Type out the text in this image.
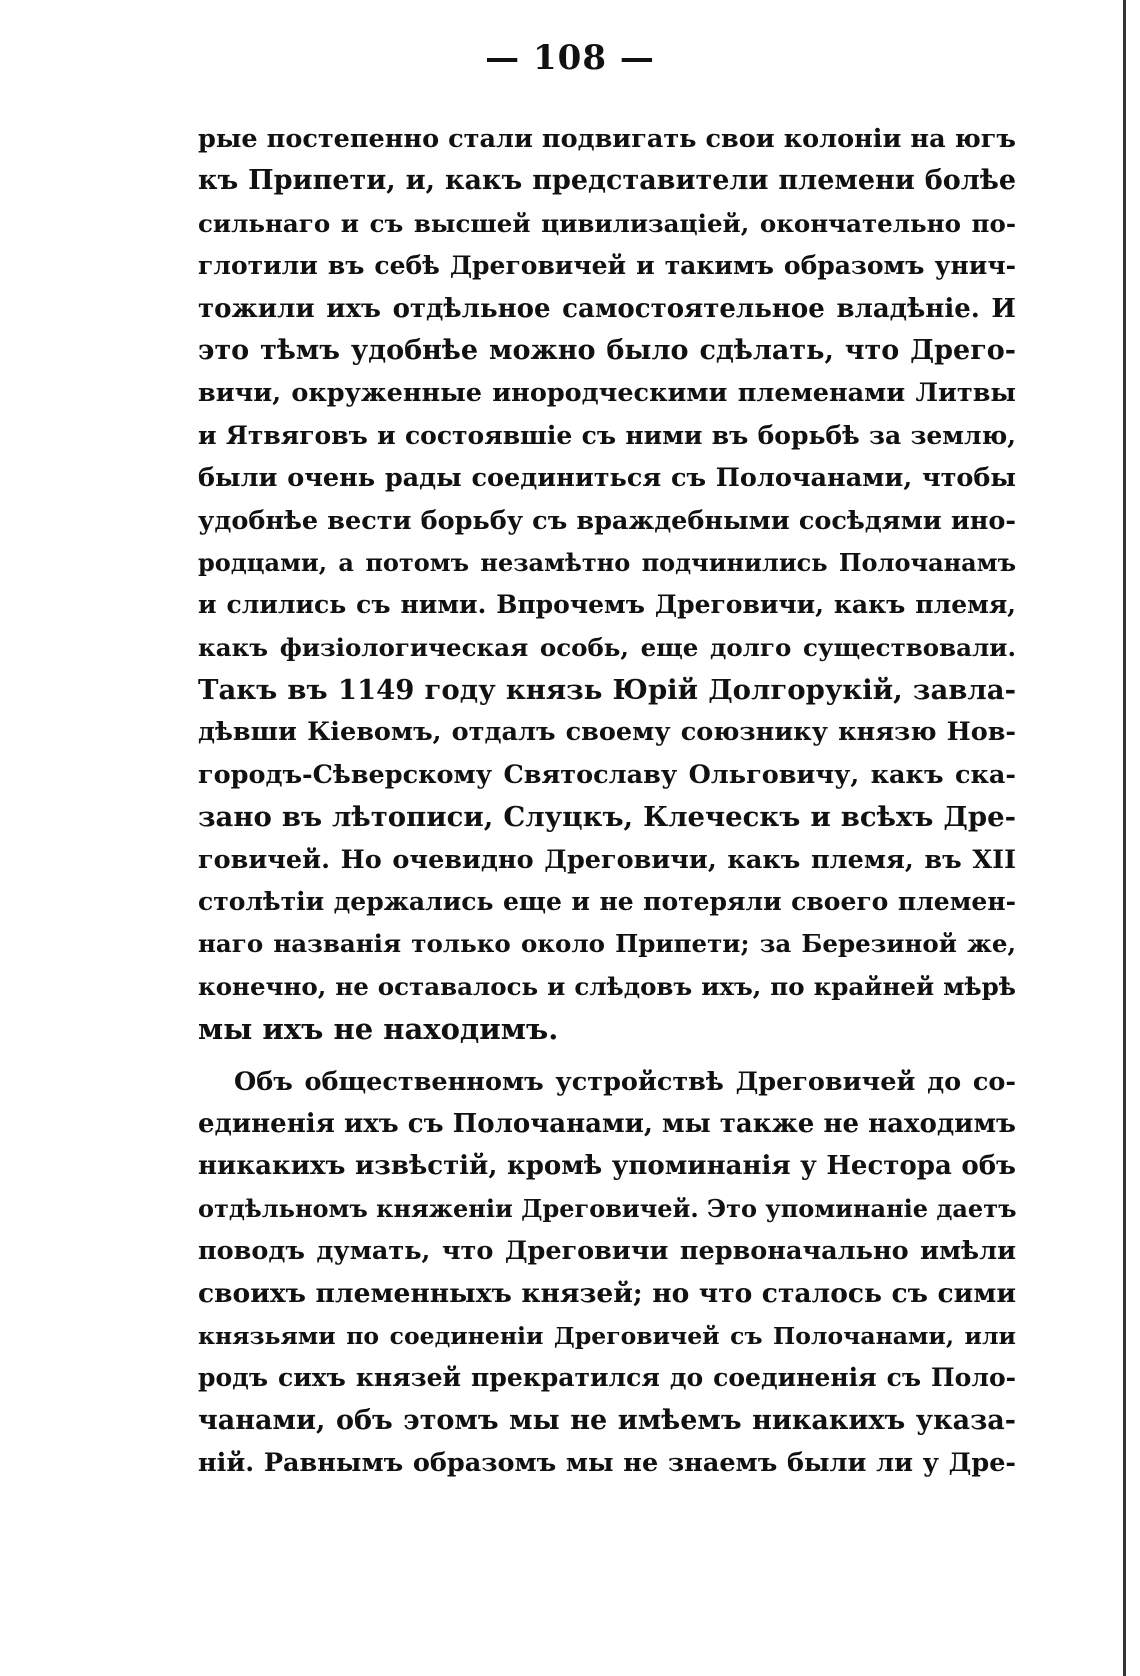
— 108 —
рые постепенно стали подвигать свои колоніи на югъ
къ Припети, и, какъ представители племени болѣе
сильнаго и съ высшей цивилизаціей, окончательно по-
глотили въ себѣ Дреговичей и такимъ образомъ унич-
тожили ихъ отдѣльное самостоятельное владѣніе. И
это тѣмъ удобнѣе можно было сдѣлать, что Дрего-
вичи, окруженные инородческими племенами Литвы
и Ятвяговъ и состоявшіе съ ними въ борьбѣ за землю,
были очень рады соединиться съ Полочанами, чтобы
удобнѣе вести борьбу съ враждебными сосѣдями ино-
родцами, а потомъ незамѣтно подчинились Полочанамъ
и слились съ ними. Впрочемъ Дреговичи, какъ племя,
какъ физіологическая особь, еще долго существовали.
Такъ въ 1149 году князь Юрій Долгорукій, завла-
дѣвши Кіевомъ, отдалъ своему союзнику князю Нов-
городъ-Сѣверскому Святославу Ольговичу, какъ ска-
зано въ лѣтописи, Слуцкъ, Клеческъ и всѣхъ Дре-
говичей. Но очевидно Дреговичи, какъ племя, въ XII
столѣтіи держались еще и не потеряли своего племен-
наго названія только около Припети; за Березиной же,
конечно, не оставалось и слѣдовъ ихъ, по крайней мѣрѣ
мы ихъ не находимъ.
Объ общественномъ устройствѣ Дреговичей до со-
единенія ихъ съ Полочанами, мы также не находимъ
никакихъ извѣстій, кромѣ упоминанія у Нестора объ
отдѣльномъ княженіи Дреговичей. Это упоминаніе даетъ
поводъ думать, что Дреговичи первоначально имѣли
своихъ племенныхъ князей; но что сталось съ сими
князьями по соединеніи Дреговичей съ Полочанами, или
родъ сихъ князей прекратился до соединенія съ Поло-
чанами, объ этомъ мы не имѣемъ никакихъ указа-
ній. Равнымъ образомъ мы не знаемъ были ли у Дре-
